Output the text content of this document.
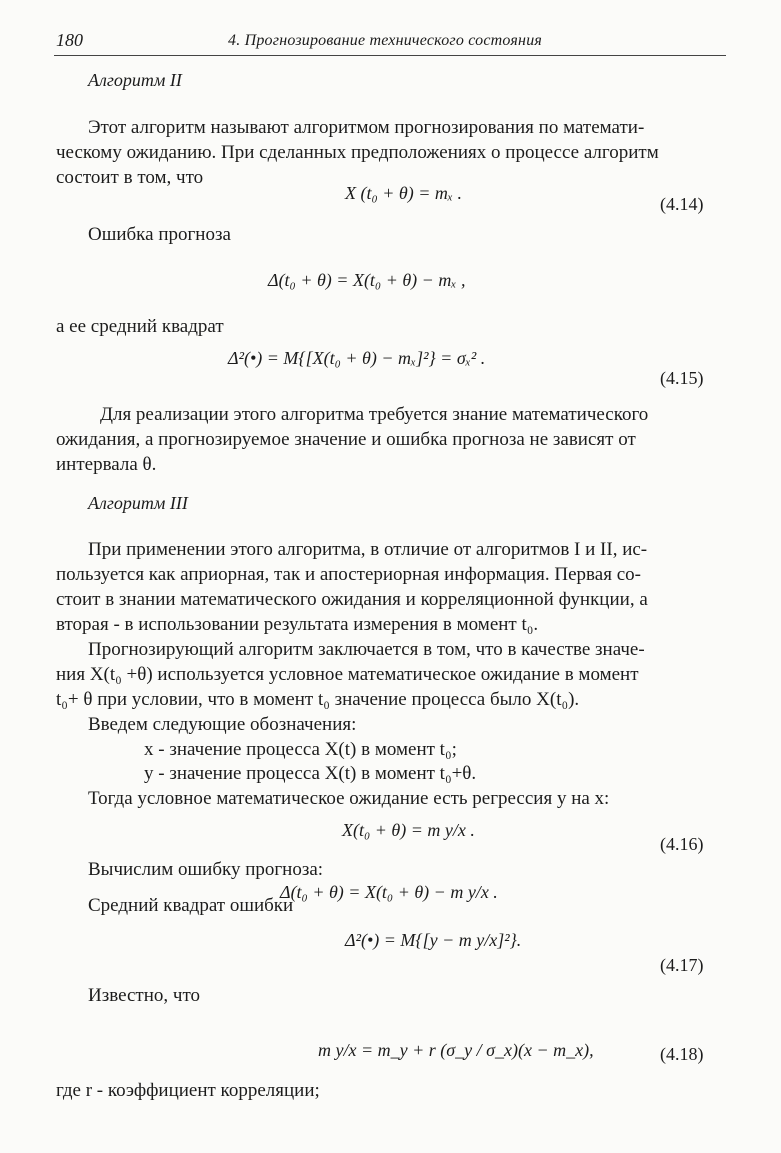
180	4. Прогнозирование технического состояния
Алгоритм II
Этот алгоритм называют алгоритмом прогнозирования по математи-
ческому ожиданию. При сделанных предположениях о процессе алгоритм
состоит в том, что
X (t₀ + θ) = mₓ .
(4.14)
Ошибка прогноза
Δ(t₀ + θ) = X(t₀ + θ) − mₓ ,
а ее средний квадрат
Δ²(•) = M{[X(t₀ + θ) − mₓ]²} = σₓ² .
(4.15)
Для реализации этого алгоритма требуется знание математического
ожидания, а прогнозируемое значение и ошибка прогноза не зависят от
интервала θ.
Алгоритм III
При применении этого алгоритма, в отличие от алгоритмов I и II, ис-
пользуется как априорная, так и апостериорная информация. Первая со-
стоит в знании математического ожидания и корреляционной функции, а
вторая - в использовании результата измерения в момент t₀.
Прогнозирующий алгоритм заключается в том, что в качестве значе-
ния X(t₀ +θ) используется условное математическое ожидание в момент
t₀+ θ при условии, что в момент t₀ значение процесса было X(t₀).
Введем следующие обозначения:
x - значение процесса X(t) в момент t₀;
y - значение процесса X(t) в момент t₀+θ.
Тогда условное математическое ожидание есть регрессия y на x:
X(t₀ + θ) = m y/x .
(4.16)
Вычислим ошибку прогноза:
Δ(t₀ + θ) = X(t₀ + θ) − m y/x .
Средний квадрат ошибки
Δ²(•) = M{[y − m y/x]²}.
(4.17)
Известно, что
m y/x = m_y + r (σ_y / σ_x)(x − m_x),	(4.18)
где r - коэффициент корреляции;
